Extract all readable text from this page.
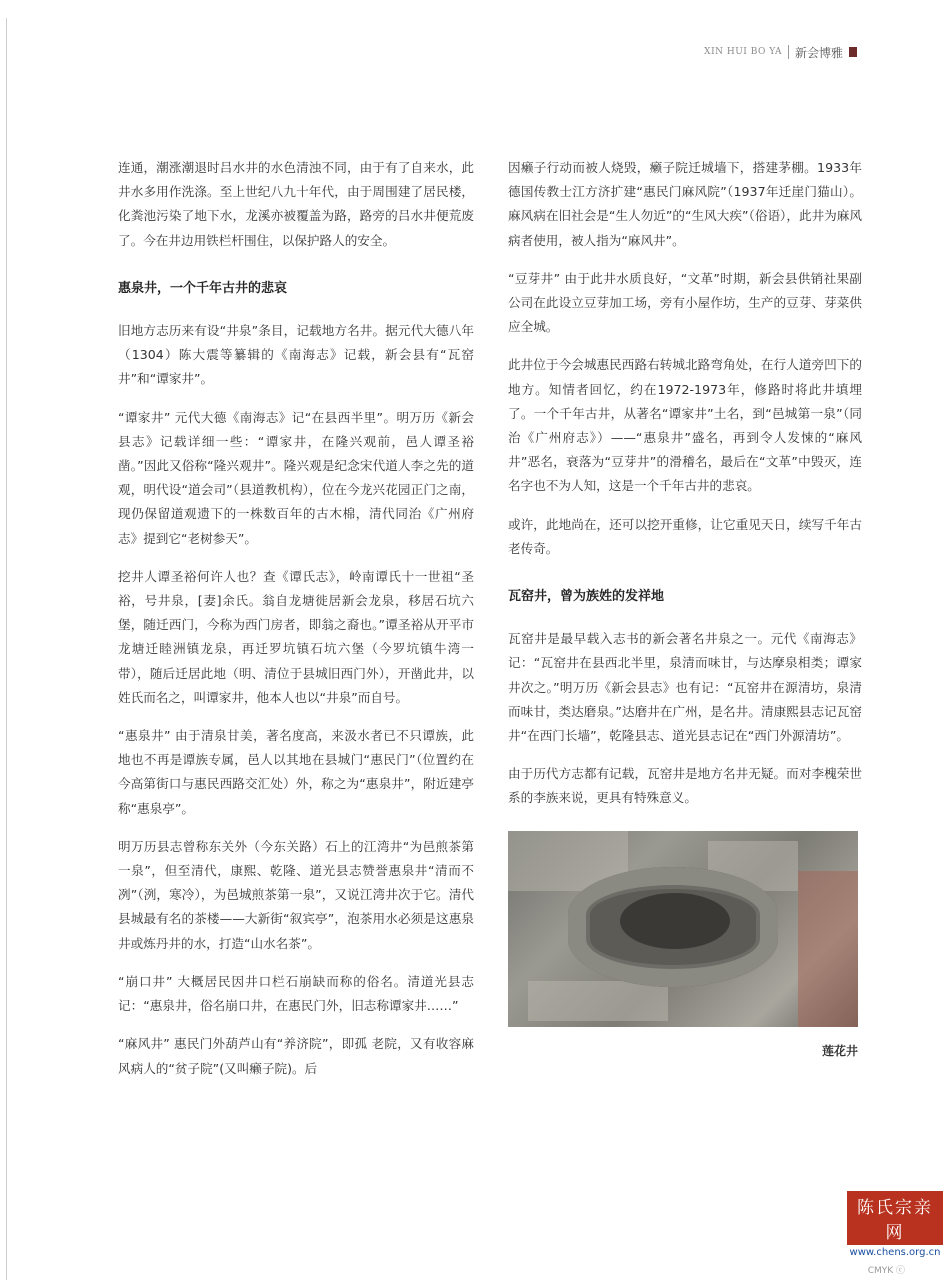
XIN HUI BO YA 新会博雅

连通，潮涨潮退时吕水井的水色清浊不同，由于有了自来水，此井水多用作洗涤。至上世纪八九十年代，由于周围建了居民楼，化粪池污染了地下水，龙溪亦被覆盖为路，路旁的吕水井便荒废了。今在井边用铁栏杆围住，以保护路人的安全。

惠泉井，一个千年古井的悲哀

旧地方志历来有设“井泉”条目，记载地方名井。据元代大德八年（1304）陈大震等纂辑的《南海志》记载，新会县有“瓦窑井”和“谭家井”。

“谭家井” 元代大德《南海志》记“在县西半里”。明万历《新会县志》记载详细一些：“谭家井，在隆兴观前，邑人谭圣裕凿。”因此又俗称“隆兴观井”。隆兴观是纪念宋代道人李之先的道观，明代设“道会司”（县道教机构），位在今龙兴花园正门之南，现仍保留道观遗下的一株数百年的古木棉，清代同治《广州府志》提到它“老树参天”。

挖井人谭圣裕何许人也？查《谭氏志》，岭南谭氏十一世祖“圣裕，号井泉，[妻]余氏。翁自龙塘徙居新会龙泉，移居石坑六堡，随迁西门，今称为西门房者，即翁之裔也。”谭圣裕从开平市龙塘迁睦洲镇龙泉，再迁罗坑镇石坑六堡（今罗坑镇牛湾一带），随后迁居此地（明、清位于县城旧西门外），开凿此井，以姓氏而名之，叫谭家井，他本人也以“井泉”而自号。

“惠泉井” 由于清泉甘美，著名度高，来汲水者已不只谭族，此地也不再是谭族专属，邑人以其地在县城门“惠民门”（位置约在今高第街口与惠民西路交汇处）外，称之为“惠泉井”，附近建亭称“惠泉亭”。

明万历县志曾称东关外（今东关路）石上的江湾井“为邑煎茶第一泉”，但至清代，康熙、乾隆、道光县志赞誉惠泉井“清而不冽”（洌，寒冷），为邑城煎茶第一泉”，又说江湾井次于它。清代县城最有名的茶楼——大新街“叙宾亭”，泡茶用水必须是这惠泉井或炼丹井的水，打造“山水名茶”。

“崩口井” 大概居民因井口栏石崩缺而称的俗名。清道光县志记：“惠泉井，俗名崩口井，在惠民门外，旧志称谭家井……”

“麻风井” 惠民门外葫芦山有“养济院”，即孤 老院，又有收容麻风病人的“贫子院”(又叫癞子院)。后

因癞子行动而被人烧毁，癞子院迁城墙下，搭建茅棚。1933年德国传教士江方济扩建“惠民门麻风院”（1937年迁崖门猫山）。麻风病在旧社会是“生人勿近”的“生风大疾”（俗语），此井为麻风病者使用，被人指为“麻风井”。

“豆芽井” 由于此井水质良好，“文革”时期，新会县供销社果副公司在此设立豆芽加工场，旁有小屋作坊，生产的豆芽、芽菜供应全城。

此井位于今会城惠民西路右转城北路弯角处，在行人道旁凹下的地方。知情者回忆，约在1972-1973年，修路时将此井填埋了。一个千年古井，从著名“谭家井”土名，到“邑城第一泉”（同治《广州府志》）——“惠泉井”盛名，再到令人发悚的“麻风井”恶名，衰落为“豆芽井”的滑稽名，最后在“文革”中毁灭，连名字也不为人知，这是一个千年古井的悲哀。

或许，此地尚在，还可以挖开重修，让它重见天日，续写千年古老传奇。

瓦窑井，曾为族姓的发祥地

瓦窑井是最早载入志书的新会著名井泉之一。元代《南海志》记：“瓦窑井在县西北半里，泉清而味甘，与达摩泉相类；谭家井次之。”明万历《新会县志》也有记：“瓦窑井在源清坊，泉清而味甘，类达磨泉。”达磨井在广州，是名井。清康熙县志记瓦窑井“在西门长墙”，乾隆县志、道光县志记在“西门外源清坊”。

由于历代方志都有记载，瓦窑井是地方名井无疑。而对李槐荣世系的李族来说，更具有特殊意义。

莲花井
陈氏宗亲网
www.chens.org.cn
CMYK ⓒ
